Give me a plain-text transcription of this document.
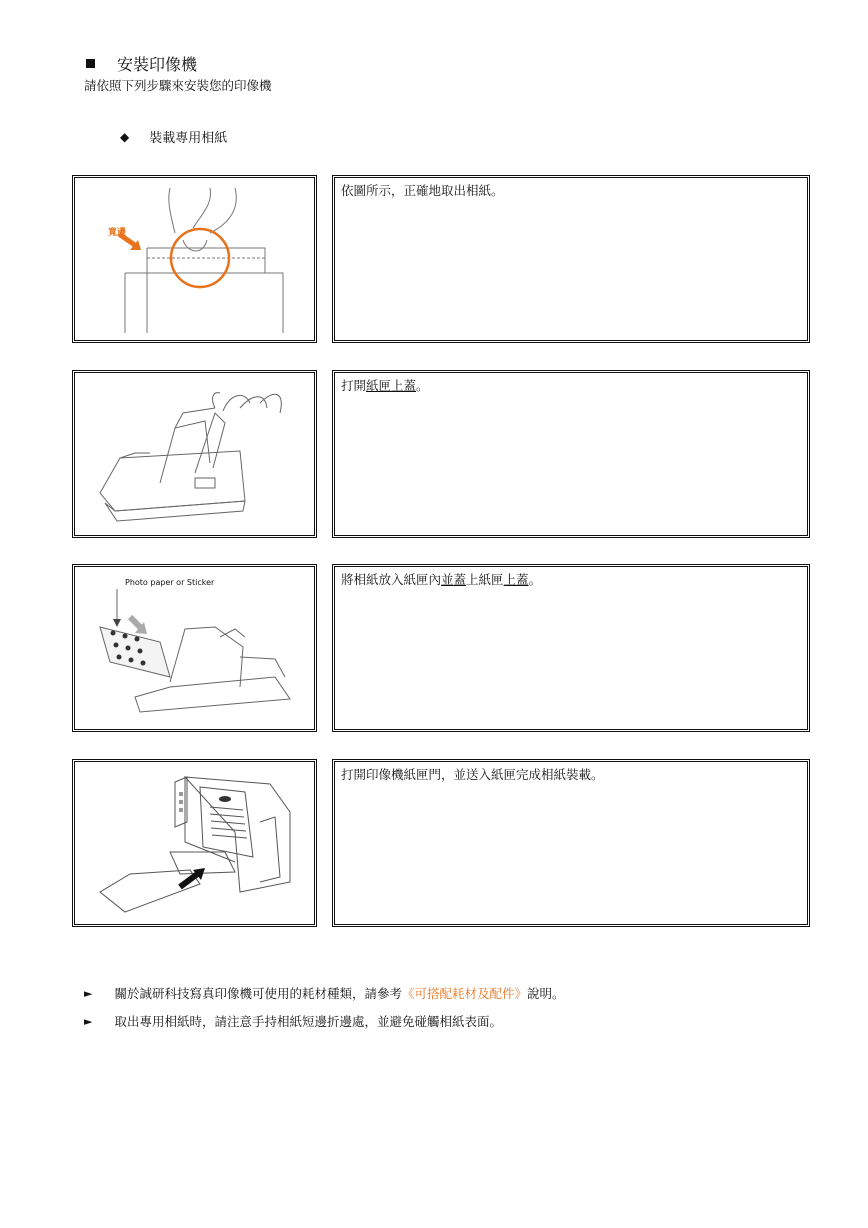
安裝印像機
請依照下列步驟來安裝您的印像機
◆ 裝載專用相紙
寬邊
依圖所示，正確地取出相紙。
打開紙匣上蓋。
Photo paper or Sticker	將相紙放入紙匣內並蓋上紙匣上蓋。
打開印像機紙匣門，並送入紙匣完成相紙裝載。
► 關於誠研科技寫真印像機可使用的耗材種類，請參考《可搭配耗材及配件》說明。
► 取出專用相紙時，請注意手持相紙短邊折邊處，並避免碰觸相紙表面。
